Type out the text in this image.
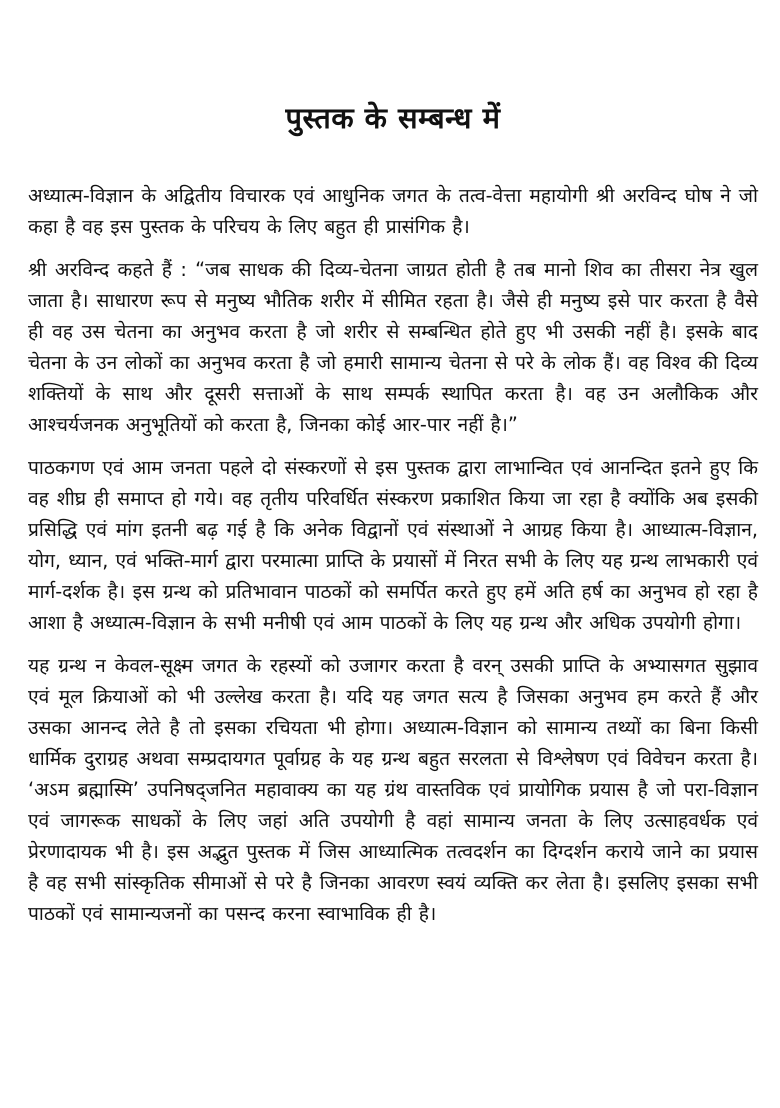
पुस्तक के सम्बन्ध में

अध्यात्म-विज्ञान के अद्वितीय विचारक एवं आधुनिक जगत के तत्व-वेत्ता महायोगी श्री अरविन्द घोष ने जो कहा है वह इस पुस्तक के परिचय के लिए बहुत ही प्रासंगिक है।

श्री अरविन्द कहते हैं : “जब साधक की दिव्य-चेतना जाग्रत होती है तब मानो शिव का तीसरा नेत्र खुल जाता है। साधारण रूप से मनुष्य भौतिक शरीर में सीमित रहता है। जैसे ही मनुष्य इसे पार करता है वैसे ही वह उस चेतना का अनुभव करता है जो शरीर से सम्बन्धित होते हुए भी उसकी नहीं है। इसके बाद चेतना के उन लोकों का अनुभव करता है जो हमारी सामान्य चेतना से परे के लोक हैं। वह विश्व की दिव्य शक्तियों के साथ और दूसरी सत्ताओं के साथ सम्पर्क स्थापित करता है। वह उन अलौकिक और आश्चर्यजनक अनुभूतियों को करता है, जिनका कोई आर-पार नहीं है।”

पाठकगण एवं आम जनता पहले दो संस्करणों से इस पुस्तक द्वारा लाभान्वित एवं आनन्दित इतने हुए कि वह शीघ्र ही समाप्त हो गये। वह तृतीय परिवर्धित संस्करण प्रकाशित किया जा रहा है क्योंकि अब इसकी प्रसिद्धि एवं मांग इतनी बढ़ गई है कि अनेक विद्वानों एवं संस्थाओं ने आग्रह किया है। आध्यात्म-विज्ञान, योग, ध्यान, एवं भक्ति-मार्ग द्वारा परमात्मा प्राप्ति के प्रयासों में निरत सभी के लिए यह ग्रन्थ लाभकारी एवं मार्ग-दर्शक है। इस ग्रन्थ को प्रतिभावान पाठकों को समर्पित करते हुए हमें अति हर्ष का अनुभव हो रहा है आशा है अध्यात्म-विज्ञान के सभी मनीषी एवं आम पाठकों के लिए यह ग्रन्थ और अधिक उपयोगी होगा।

यह ग्रन्थ न केवल-सूक्ष्म जगत के रहस्यों को उजागर करता है वरन् उसकी प्राप्ति के अभ्यासगत सुझाव एवं मूल क्रियाओं को भी उल्लेख करता है। यदि यह जगत सत्य है जिसका अनुभव हम करते हैं और उसका आनन्द लेते है तो इसका रचियता भी होगा। अध्यात्म-विज्ञान को सामान्य तथ्यों का बिना किसी धार्मिक दुराग्रह अथवा सम्प्रदायगत पूर्वाग्रह के यह ग्रन्थ बहुत सरलता से विश्लेषण एवं विवेचन करता है। ‘अऽम ब्रह्मास्मि’ उपनिषद्जनित महावाक्य का यह ग्रंथ वास्तविक एवं प्रायोगिक प्रयास है जो परा-विज्ञान एवं जागरूक साधकों के लिए जहां अति उपयोगी है वहां सामान्य जनता के लिए उत्साहवर्धक एवं प्रेरणादायक भी है। इस अद्भुत पुस्तक में जिस आध्यात्मिक तत्वदर्शन का दिग्दर्शन कराये जाने का प्रयास है वह सभी सांस्कृतिक सीमाओं से परे है जिनका आवरण स्वयं व्यक्ति कर लेता है। इसलिए इसका सभी पाठकों एवं सामान्यजनों का पसन्द करना स्वाभाविक ही है।
